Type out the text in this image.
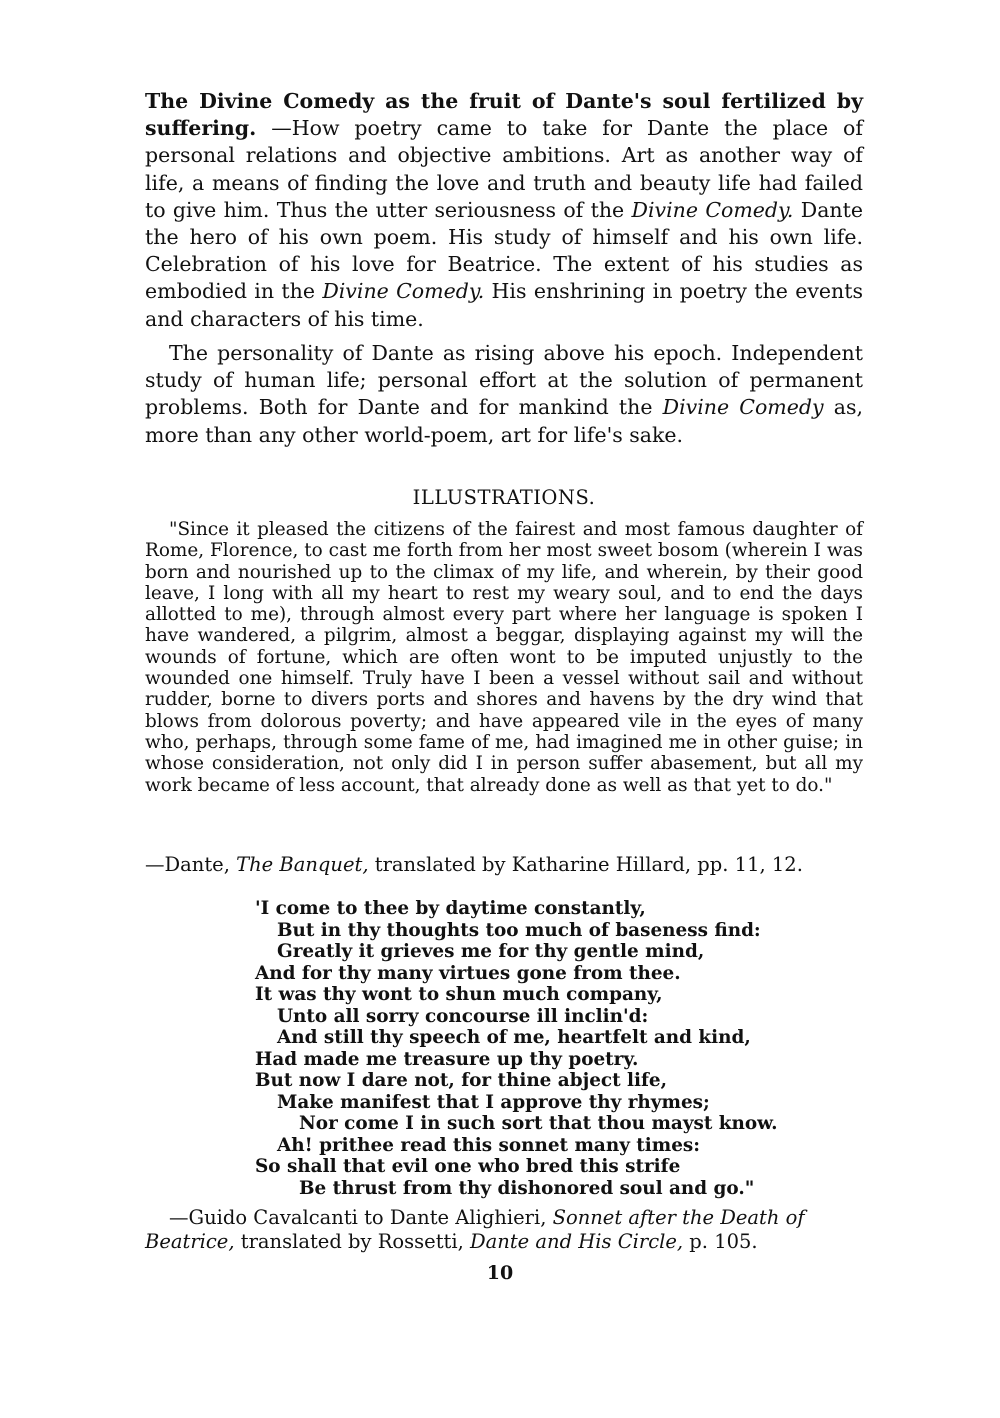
The Divine Comedy as the fruit of Dante's soul fertilized by suffering. —How poetry came to take for Dante the place of personal relations and objective ambitions. Art as another way of life, a means of finding the love and truth and beauty life had failed to give him. Thus the utter seriousness of the Divine Comedy. Dante the hero of his own poem. His study of himself and his own life. Celebration of his love for Beatrice. The extent of his studies as embodied in the Divine Comedy. His enshrining in poetry the events and characters of his time.

The personality of Dante as rising above his epoch. Independent study of human life; personal effort at the solution of permanent problems. Both for Dante and for mankind the Divine Comedy as, more than any other world-poem, art for life's sake.

ILLUSTRATIONS.

"Since it pleased the citizens of the fairest and most famous daughter of Rome, Florence, to cast me forth from her most sweet bosom (wherein I was born and nourished up to the climax of my life, and wherein, by their good leave, I long with all my heart to rest my weary soul, and to end the days allotted to me), through almost every part where her language is spoken I have wandered, a pilgrim, almost a beggar, displaying against my will the wounds of fortune, which are often wont to be imputed unjustly to the wounded one himself. Truly have I been a vessel without sail and without rudder, borne to divers ports and shores and havens by the dry wind that blows from dolorous poverty; and have appeared vile in the eyes of many who, perhaps, through some fame of me, had imagined me in other guise; in whose consideration, not only did I in person suffer abasement, but all my work became of less account, that already done as well as that yet to do."

—Dante, The Banquet, translated by Katharine Hillard, pp. 11, 12.
'I come to thee by daytime constantly,
But in thy thoughts too much of baseness find:
Greatly it grieves me for thy gentle mind,
And for thy many virtues gone from thee.
It was thy wont to shun much company,
Unto all sorry concourse ill inclin'd:
And still thy speech of me, heartfelt and kind,
Had made me treasure up thy poetry.
But now I dare not, for thine abject life,
Make manifest that I approve thy rhymes;
Nor come I in such sort that thou mayst know.
Ah! prithee read this sonnet many times:
So shall that evil one who bred this strife
Be thrust from thy dishonored soul and go."
—Guido Cavalcanti to Dante Alighieri, Sonnet after the Death of Beatrice, translated by Rossetti, Dante and His Circle, p. 105.
10
